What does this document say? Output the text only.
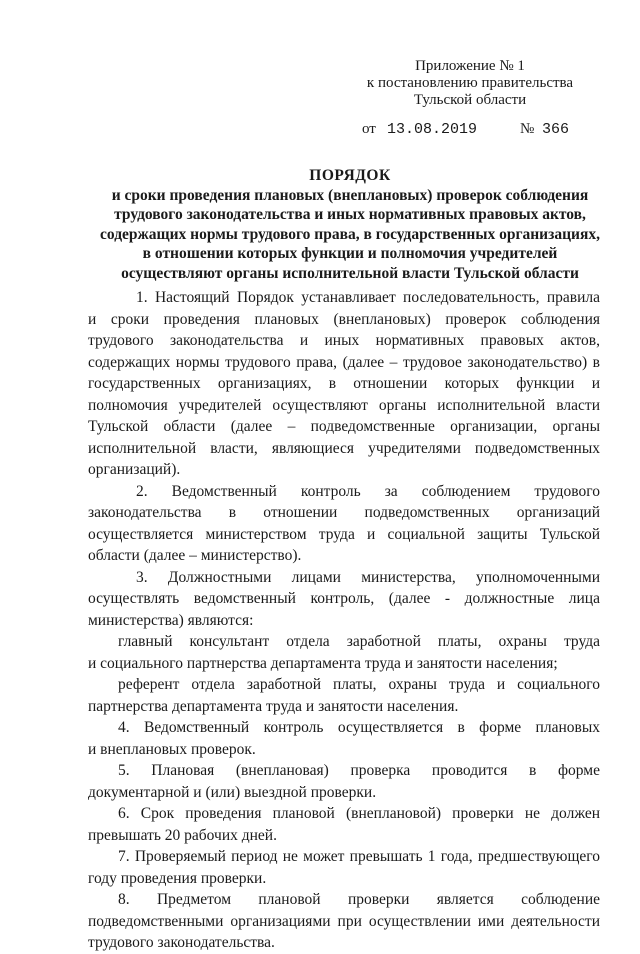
Приложение № 1
к постановлению правительства
Тульской области
от 13.08.2019	№ 366
ПОРЯДОК
и сроки проведения плановых (внеплановых) проверок соблюдения
трудового законодательства и иных нормативных правовых актов,
содержащих нормы трудового права, в государственных организациях,
в отношении которых функции и полномочия учредителей
осуществляют органы исполнительной власти Тульской области

1. Настоящий Порядок устанавливает последовательность, правила

и сроки проведения плановых (внеплановых) проверок соблюдения

трудового законодательства и иных нормативных правовых актов,

содержащих нормы трудового права, (далее – трудовое законодательство) в

государственных организациях, в отношении которых функции и

полномочия учредителей осуществляют органы исполнительной власти

Тульской области (далее – подведомственные организации, органы

исполнительной власти, являющиеся учредителями подведомственных

организаций).

2. Ведомственный контроль за соблюдением трудового

законодательства в отношении подведомственных организаций

осуществляется министерством труда и социальной защиты Тульской

области (далее – министерство).

3. Должностными лицами министерства, уполномоченными

осуществлять ведомственный контроль, (далее - должностные лица

министерства) являются:

главный консультант отдела заработной платы, охраны труда

и социального партнерства департамента труда и занятости населения;

референт отдела заработной платы, охраны труда и социального

партнерства департамента труда и занятости населения.

4. Ведомственный контроль осуществляется в форме плановых

и внеплановых проверок.

5. Плановая (внеплановая) проверка проводится в форме

документарной и (или) выездной проверки.

6. Срок проведения плановой (внеплановой) проверки не должен

превышать 20 рабочих дней.

7. Проверяемый период не может превышать 1 года, предшествующего

году проведения проверки.

8. Предметом плановой проверки является соблюдение

подведомственными организациями при осуществлении ими деятельности

трудового законодательства.
